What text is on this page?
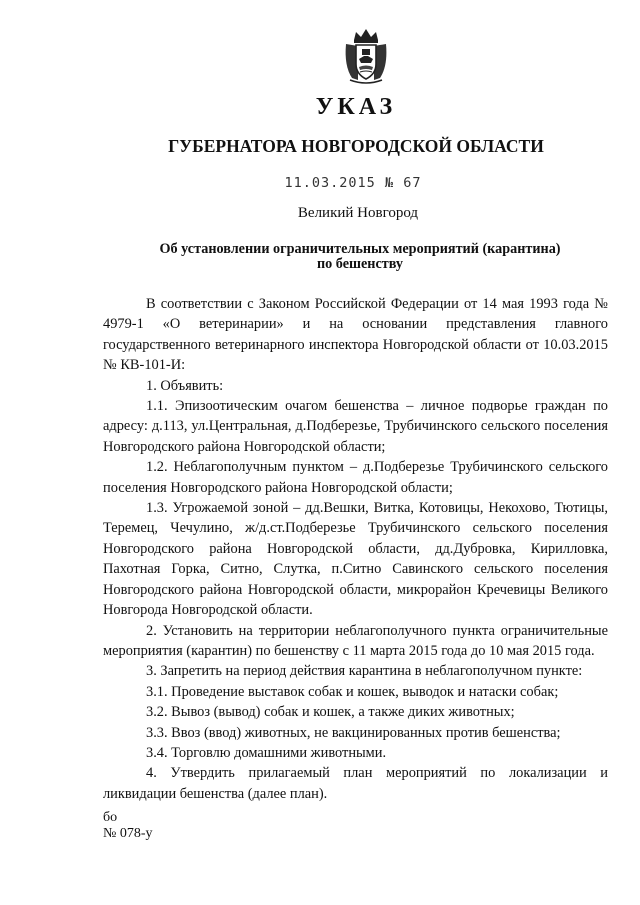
УКАЗ
ГУБЕРНАТОРА НОВГОРОДСКОЙ ОБЛАСТИ
11.03.2015 № 67
Великий Новгород
Об установлении ограничительных мероприятий (карантина)
по бешенству

В соответствии с Законом Российской Федерации от 14 мая 1993 года № 4979-1 «О ветеринарии» и на основании представления главного государственного ветеринарного инспектора Новгородской области от 10.03.2015 № КВ-101-И:

1. Объявить:

1.1. Эпизоотическим очагом бешенства – личное подворье граждан по адресу: д.113, ул.Центральная, д.Подберезье, Трубичинского сельского поселения Новгородского района Новгородской области;

1.2. Неблагополучным пунктом – д.Подберезье Трубичинского сельского поселения Новгородского района Новгородской области;

1.3. Угрожаемой зоной – дд.Вешки, Витка, Котовицы, Некохово, Тютицы, Теремец, Чечулино, ж/д.ст.Подберезье Трубичинского сельского поселения Новгородского района Новгородской области, дд.Дубровка, Кирилловка, Пахотная Горка, Ситно, Слутка, п.Ситно Савинского сельского поселения Новгородского района Новгородской области, микрорайон Кречевицы Великого Новгорода Новгородской области.

2. Установить на территории неблагополучного пункта ограничительные мероприятия (карантин) по бешенству с 11 марта 2015 года до 10 мая 2015 года.

3. Запретить на период действия карантина в неблагополучном пункте:

3.1. Проведение выставок собак и кошек, выводок и натаски собак;

3.2. Вывоз (вывод) собак и кошек, а также диких животных;

3.3. Ввоз (ввод) животных, не вакцинированных против бешенства;

3.4. Торговлю домашними животными.

4. Утвердить прилагаемый план мероприятий по локализации и ликвидации бешенства (далее план).

бо
№ 078-у
